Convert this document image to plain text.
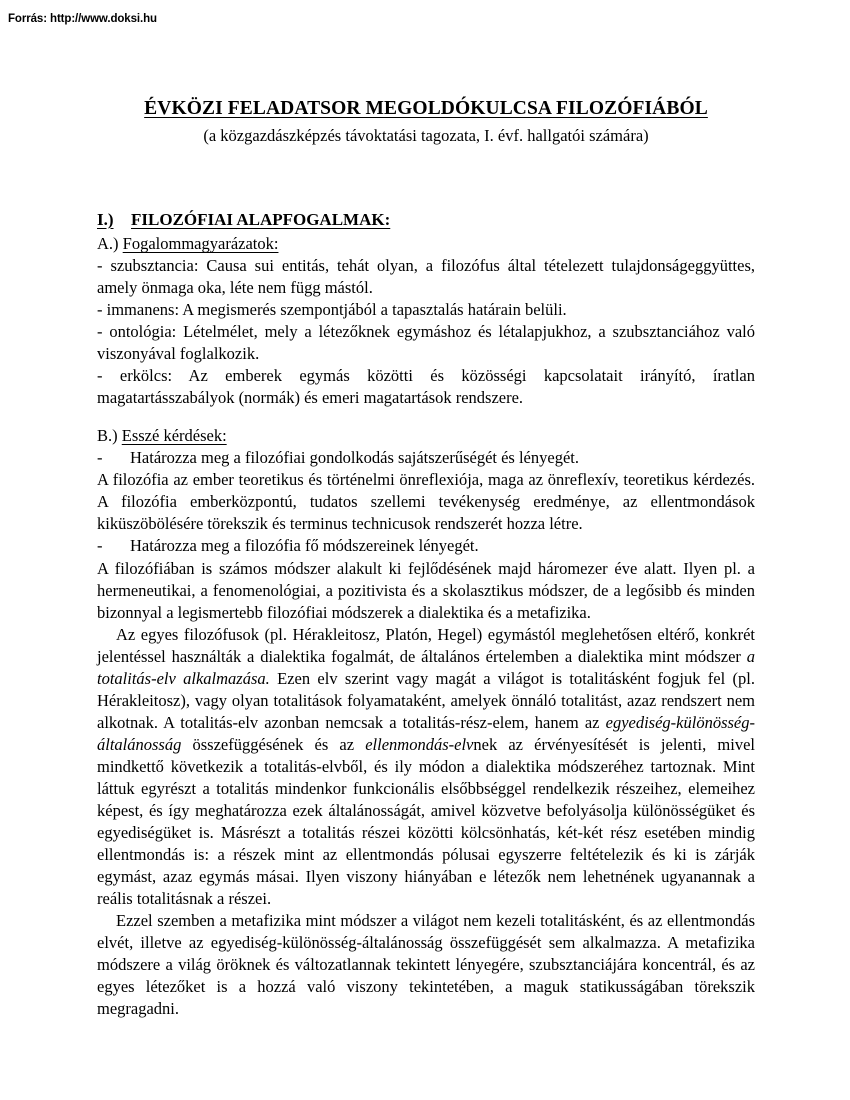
Forrás: http://www.doksi.hu
ÉVKÖZI FELADATSOR MEGOLDÓKULCSA FILOZÓFIÁBÓL
(a közgazdászképzés távoktatási tagozata, I. évf. hallgatói számára)
I.)	FILOZÓFIAI ALAPFOGALMAK:
A.) Fogalommagyarázatok:

- szubsztancia: Causa sui entitás, tehát olyan, a filozófus által tételezett tulajdonságeggyüttes, amely önmaga oka, léte nem függ mástól.

- immanens: A megismerés szempontjából a tapasztalás határain belüli.

- ontológia: Lételmélet, mely a létezőknek egymáshoz és létalapjukhoz, a szubsztanciához való viszonyával foglalkozik.

- erkölcs: Az emberek egymás közötti és közösségi kapcsolatait irányító, íratlan magatartásszabályok (normák) és emeri magatartások rendszere.

B.) Esszé kérdések:

-	Határozza meg a filozófiai gondolkodás sajátszerűségét és lényegét.

A filozófia az ember teoretikus és történelmi önreflexiója, maga az önreflexív, teoretikus kérdezés. A filozófia emberközpontú, tudatos szellemi tevékenység eredménye, az ellentmondások kiküszöbölésére törekszik és terminus technicusok rendszerét hozza létre.

-	Határozza meg a filozófia fő módszereinek lényegét.

A filozófiában is számos módszer alakult ki fejlődésének majd háromezer éve alatt. Ilyen pl. a hermeneutikai, a fenomenológiai, a pozitivista és a skolasztikus módszer, de a legősibb és minden bizonnyal a legismertebb filozófiai módszerek a dialektika és a metafizika.

Az egyes filozófusok (pl. Hérakleitosz, Platón, Hegel) egymástól meglehetősen eltérő, konkrét jelentéssel használták a dialektika fogalmát, de általános értelemben a dialektika mint módszer a totalitás-elv alkalmazása. Ezen elv szerint vagy magát a világot is totalitásként fogjuk fel (pl. Hérakleitosz), vagy olyan totalitások folyamataként, amelyek önnáló totalitást, azaz rendszert nem alkotnak. A totalitás-elv azonban nemcsak a totalitás-rész-elem, hanem az egyediség-különösség-általánosság összefüggésének és az ellenmondás-elvnek az érvényesítését is jelenti, mivel mindkettő következik a totalitás-elvből, és ily módon a dialektika módszeréhez tartoznak. Mint láttuk egyrészt a totalitás mindenkor funkcionális elsőbbséggel rendelkezik részeihez, elemeihez képest, és így meghatározza ezek általánosságát, amivel közvetve befolyásolja különösségüket és egyediségüket is. Másrészt a totalitás részei közötti kölcsönhatás, két-két rész esetében mindig ellentmondás is: a részek mint az ellentmondás pólusai egyszerre feltételezik és ki is zárják egymást, azaz egymás másai. Ilyen viszony hiányában e létezők nem lehetnének ugyanannak a reális totalitásnak a részei.

Ezzel szemben a metafizika mint módszer a világot nem kezeli totalitásként, és az ellentmondás elvét, illetve az egyediség-különösség-általánosság összefüggését sem alkalmazza. A metafizika módszere a világ öröknek és változatlannak tekintett lényegére, szubsztanciájára koncentrál, és az egyes létezőket is a hozzá való viszony tekintetében, a maguk statikusságában törekszik megragadni.
